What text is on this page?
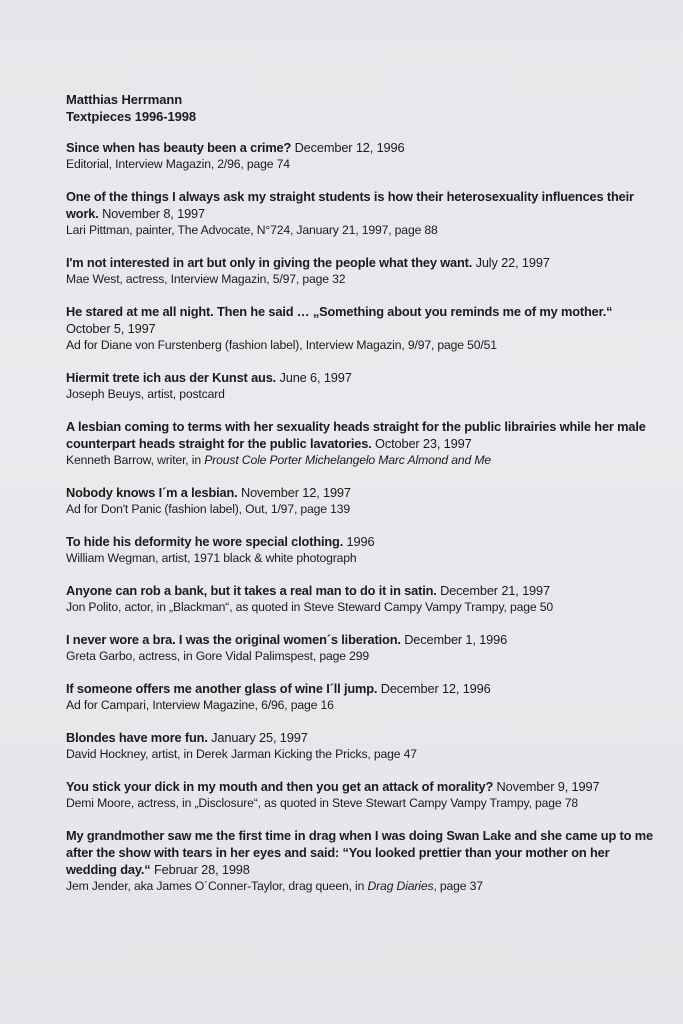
Matthias Herrmann
Textpieces 1996-1998
Since when has beauty been a crime? December 12, 1996
Editorial, Interview Magazin, 2/96, page 74
One of the things I always ask my straight students is how their heterosexuality influences their work. November 8, 1997
Lari Pittman, painter, The Advocate, N°724, January 21, 1997, page 88
I'm not interested in art but only in giving the people what they want. July 22, 1997
Mae West, actress, Interview Magazin, 5/97, page 32
He stared at me all night. Then he said … „Something about you reminds me of my mother.“ October 5, 1997
Ad for Diane von Furstenberg (fashion label), Interview Magazin, 9/97, page 50/51
Hiermit trete ich aus der Kunst aus. June 6, 1997
Joseph Beuys, artist, postcard
A lesbian coming to terms with her sexuality heads straight for the public librairies while her male counterpart heads straight for the public lavatories. October 23, 1997
Kenneth Barrow, writer, in Proust Cole Porter Michelangelo Marc Almond and Me
Nobody knows I´m a lesbian. November 12, 1997
Ad for Don't Panic (fashion label), Out, 1/97, page 139
To hide his deformity he wore special clothing. 1996
William Wegman, artist, 1971 black & white photograph
Anyone can rob a bank, but it takes a real man to do it in satin. December 21, 1997
Jon Polito, actor, in „Blackman“, as quoted in Steve Steward Campy Vampy Trampy, page 50
I never wore a bra. I was the original women´s liberation. December 1, 1996
Greta Garbo, actress, in Gore Vidal Palimspest, page 299
If someone offers me another glass of wine I´ll jump. December 12, 1996
Ad for Campari, Interview Magazine, 6/96, page 16
Blondes have more fun. January 25, 1997
David Hockney, artist, in Derek Jarman Kicking the Pricks, page 47
You stick your dick in my mouth and then you get an attack of morality? November 9, 1997
Demi Moore, actress, in „Disclosure“, as quoted in Steve Stewart Campy Vampy Trampy, page 78
My grandmother saw me the first time in drag when I was doing Swan Lake and she came up to me after the show with tears in her eyes and said: “You looked prettier than your mother on her wedding day.“ Februar 28, 1998
Jem Jender, aka James O´Conner-Taylor, drag queen, in Drag Diaries, page 37
